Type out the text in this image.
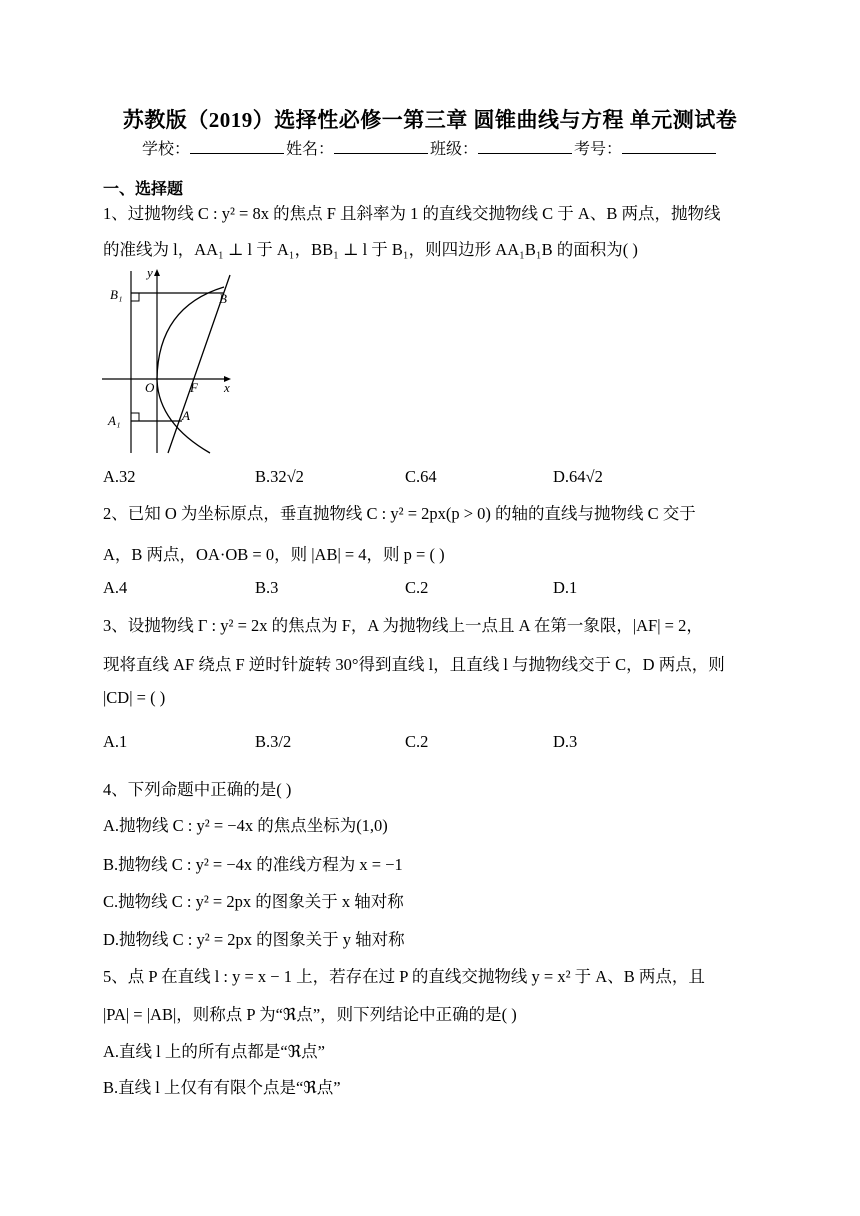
苏教版（2019）选择性必修一第三章 圆锥曲线与方程 单元测试卷
学校：	姓名：	班级：	考号：
一、选择题
1、过抛物线 C : y² = 8x 的焦点 F 且斜率为 1 的直线交抛物线 C 于 A、B 两点，抛物线
的准线为 l，AA₁ ⊥ l 于 A₁，BB₁ ⊥ l 于 B₁，则四边形 AA₁B₁B 的面积为( )
y
B₁	B
O	F x
A₁	A
A.32	B.32√2	C.64	D.64√2
2、已知 O 为坐标原点，垂直抛物线 C : y² = 2px(p > 0) 的轴的直线与抛物线 C 交于
A，B 两点，OA·OB = 0，则 |AB| = 4，则 p = ( )
A.4	B.3	C.2	D.1
3、设抛物线 Γ : y² = 2x 的焦点为 F，A 为抛物线上一点且 A 在第一象限，|AF| = 2，
现将直线 AF 绕点 F 逆时针旋转 30°得到直线 l，且直线 l 与抛物线交于 C，D 两点，则
|CD| = ( )
A.1	B.3/2	C.2	D.3
4、下列命题中正确的是( )
A.抛物线 C : y² = −4x 的焦点坐标为(1,0)
B.抛物线 C : y² = −4x 的准线方程为 x = −1
C.抛物线 C : y² = 2px 的图象关于 x 轴对称
D.抛物线 C : y² = 2px 的图象关于 y 轴对称
5、点 P 在直线 l : y = x − 1 上，若存在过 P 的直线交抛物线 y = x² 于 A、B 两点，且
|PA| = |AB|，则称点 P 为“ℜ点”，则下列结论中正确的是( )
A.直线 l 上的所有点都是“ℜ点”
B.直线 l 上仅有有限个点是“ℜ点”
